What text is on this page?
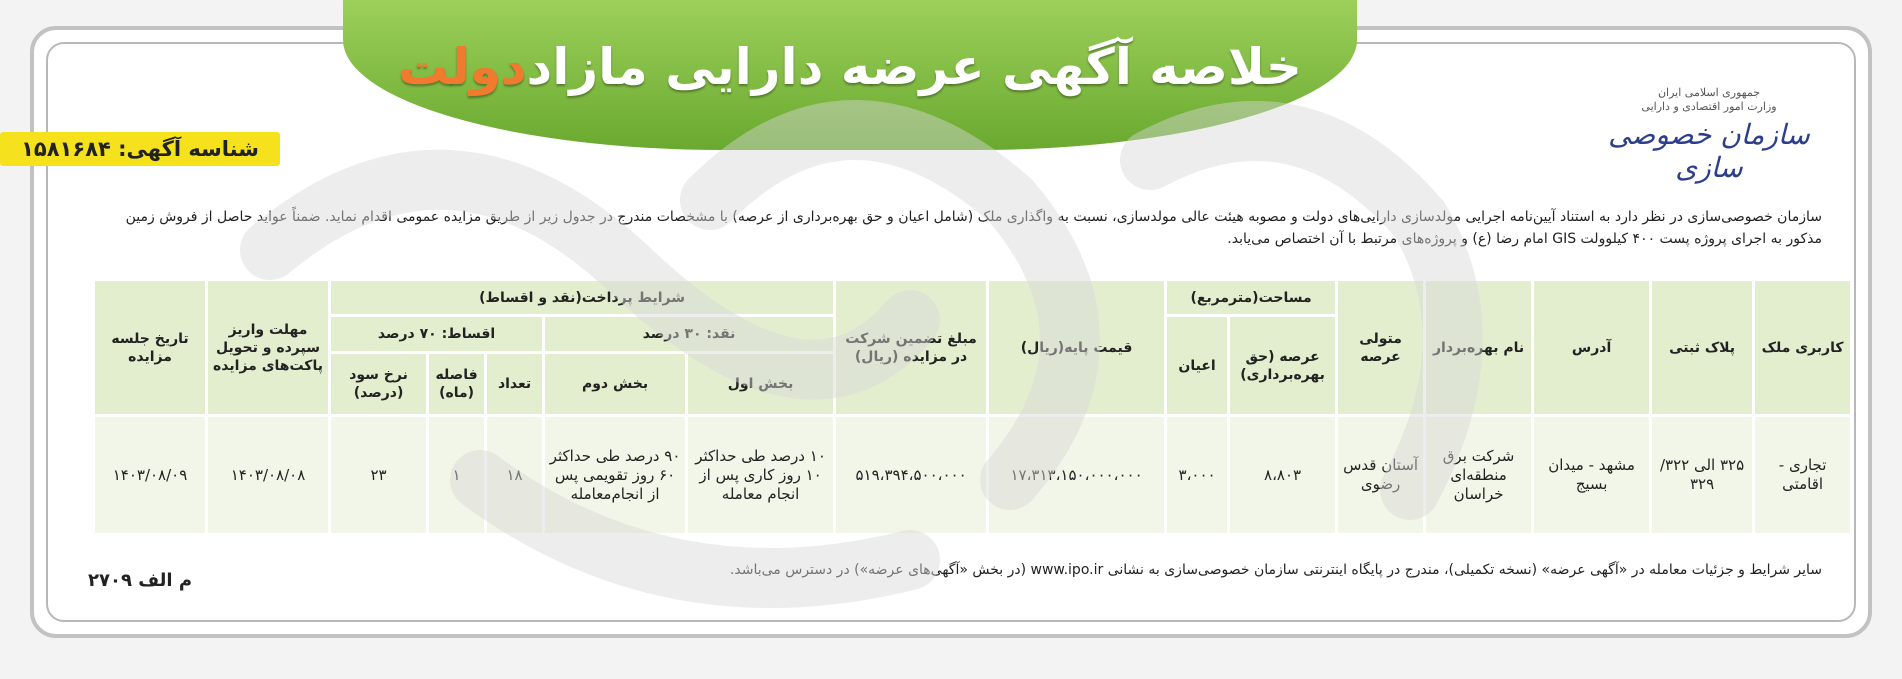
خلاصه آگهی عرضه دارایی مازاددولت	جمهوری اسلامی ایران
وزارت امور اقتصادی و دارایی
سازمان خصوصی سازی
شناسه آگهی: ۱۵۸۱۶۸۴
سازمان خصوصی‌سازی در نظر دارد به استناد آیین‌نامه اجرایی مولدسازی دارایی‌های دولت و مصوبه هیئت عالی مولدسازی، نسبت به واگذاری ملک (شامل اعیان و حق بهره‌برداری از عرصه) با مشخصات مندرج در جدول زیر از طریق مزایده عمومی اقدام نماید. ضمناً عواید حاصل از فروش زمین مذکور به اجرای پروژه پست ۴۰۰ کیلوولت GIS امام رضا (ع) و پروژه‌های مرتبط با آن اختصاص می‌یابد.
کاربری ملک	پلاک ثبتی	آدرس	نام بهره‌بردار	متولی عرصه	مساحت(مترمربع)		قیمت پایه(ریال)	مبلغ تضمین شرکت در مزایده (ریال)	شرایط پرداخت(نقد و اقساط)					مهلت واریز سپرده و تحویل پاکت‌های مزایده	تاریخ جلسه مزایده
					عرصه (حق بهره‌برداری)	اعیان			نقد: ۳۰ درصد		اقساط: ۷۰ درصد				
									بخش اول	بخش دوم	تعداد	فاصله (ماه)	نرخ سود (درصد)		
تجاری - اقامتی	۳۲۵ الی ۳۲۲/ ۳۲۹	مشهد - میدان بسیج	شرکت برق منطقه‌ای خراسان	آستان قدس رضوی	۸،۸۰۳	۳،۰۰۰	۱۷،۳۱۳،۱۵۰،۰۰۰،۰۰۰	۵۱۹،۳۹۴،۵۰۰،۰۰۰	۱۰ درصد طی حداکثر ۱۰ روز کاری پس از انجام معامله	۹۰ درصد طی حداکثر ۶۰ روز تقویمی پس از انجام‌معامله	۱۸	۱	۲۳	۱۴۰۳/۰۸/۰۸	۱۴۰۳/۰۸/۰۹
سایر شرایط و جزئیات معامله در «آگهی عرضه» (نسخه تکمیلی)، مندرج در پایگاه اینترنتی سازمان خصوصی‌سازی به نشانی www.ipo.ir (در بخش «آگهی‌های عرضه») در دسترس می‌باشد.
م الف ۲۷۰۹
